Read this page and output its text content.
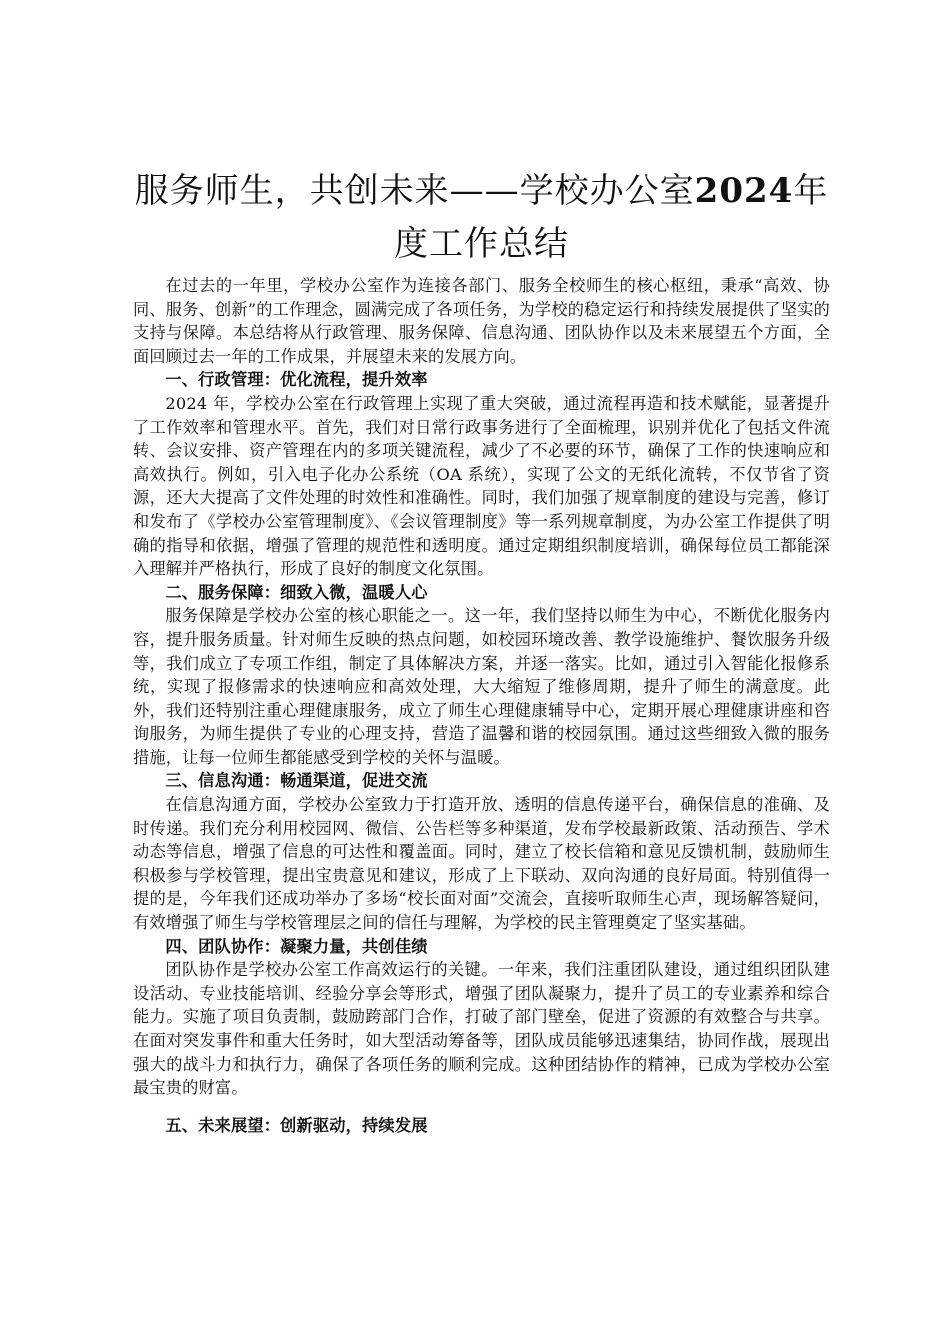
服务师生，共创未来——学校办公室2024年度工作总结

在过去的一年里，学校办公室作为连接各部门、服务全校师生的核心枢纽，秉承“高效、协同、服务、创新”的工作理念，圆满完成了各项任务，为学校的稳定运行和持续发展提供了坚实的支持与保障。本总结将从行政管理、服务保障、信息沟通、团队协作以及未来展望五个方面，全面回顾过去一年的工作成果，并展望未来的发展方向。

一、行政管理：优化流程，提升效率

2024 年，学校办公室在行政管理上实现了重大突破，通过流程再造和技术赋能，显著提升了工作效率和管理水平。首先，我们对日常行政事务进行了全面梳理，识别并优化了包括文件流转、会议安排、资产管理在内的多项关键流程，减少了不必要的环节，确保了工作的快速响应和高效执行。例如，引入电子化办公系统（OA 系统），实现了公文的无纸化流转，不仅节省了资源，还大大提高了文件处理的时效性和准确性。同时，我们加强了规章制度的建设与完善，修订和发布了《学校办公室管理制度》、《会议管理制度》等一系列规章制度，为办公室工作提供了明确的指导和依据，增强了管理的规范性和透明度。通过定期组织制度培训，确保每位员工都能深入理解并严格执行，形成了良好的制度文化氛围。

二、服务保障：细致入微，温暖人心

服务保障是学校办公室的核心职能之一。这一年，我们坚持以师生为中心，不断优化服务内容，提升服务质量。针对师生反映的热点问题，如校园环境改善、教学设施维护、餐饮服务升级等，我们成立了专项工作组，制定了具体解决方案，并逐一落实。比如，通过引入智能化报修系统，实现了报修需求的快速响应和高效处理，大大缩短了维修周期，提升了师生的满意度。此外，我们还特别注重心理健康服务，成立了师生心理健康辅导中心，定期开展心理健康讲座和咨询服务，为师生提供了专业的心理支持，营造了温馨和谐的校园氛围。通过这些细致入微的服务措施，让每一位师生都能感受到学校的关怀与温暖。

三、信息沟通：畅通渠道，促进交流

在信息沟通方面，学校办公室致力于打造开放、透明的信息传递平台，确保信息的准确、及时传递。我们充分利用校园网、微信、公告栏等多种渠道，发布学校最新政策、活动预告、学术动态等信息，增强了信息的可达性和覆盖面。同时，建立了校长信箱和意见反馈机制，鼓励师生积极参与学校管理，提出宝贵意见和建议，形成了上下联动、双向沟通的良好局面。特别值得一提的是，今年我们还成功举办了多场“校长面对面”交流会，直接听取师生心声，现场解答疑问，有效增强了师生与学校管理层之间的信任与理解，为学校的民主管理奠定了坚实基础。

四、团队协作：凝聚力量，共创佳绩

团队协作是学校办公室工作高效运行的关键。一年来，我们注重团队建设，通过组织团队建设活动、专业技能培训、经验分享会等形式，增强了团队凝聚力，提升了员工的专业素养和综合能力。实施了项目负责制，鼓励跨部门合作，打破了部门壁垒，促进了资源的有效整合与共享。在面对突发事件和重大任务时，如大型活动筹备等，团队成员能够迅速集结，协同作战，展现出强大的战斗力和执行力，确保了各项任务的顺利完成。这种团结协作的精神，已成为学校办公室最宝贵的财富。

五、未来展望：创新驱动，持续发展
